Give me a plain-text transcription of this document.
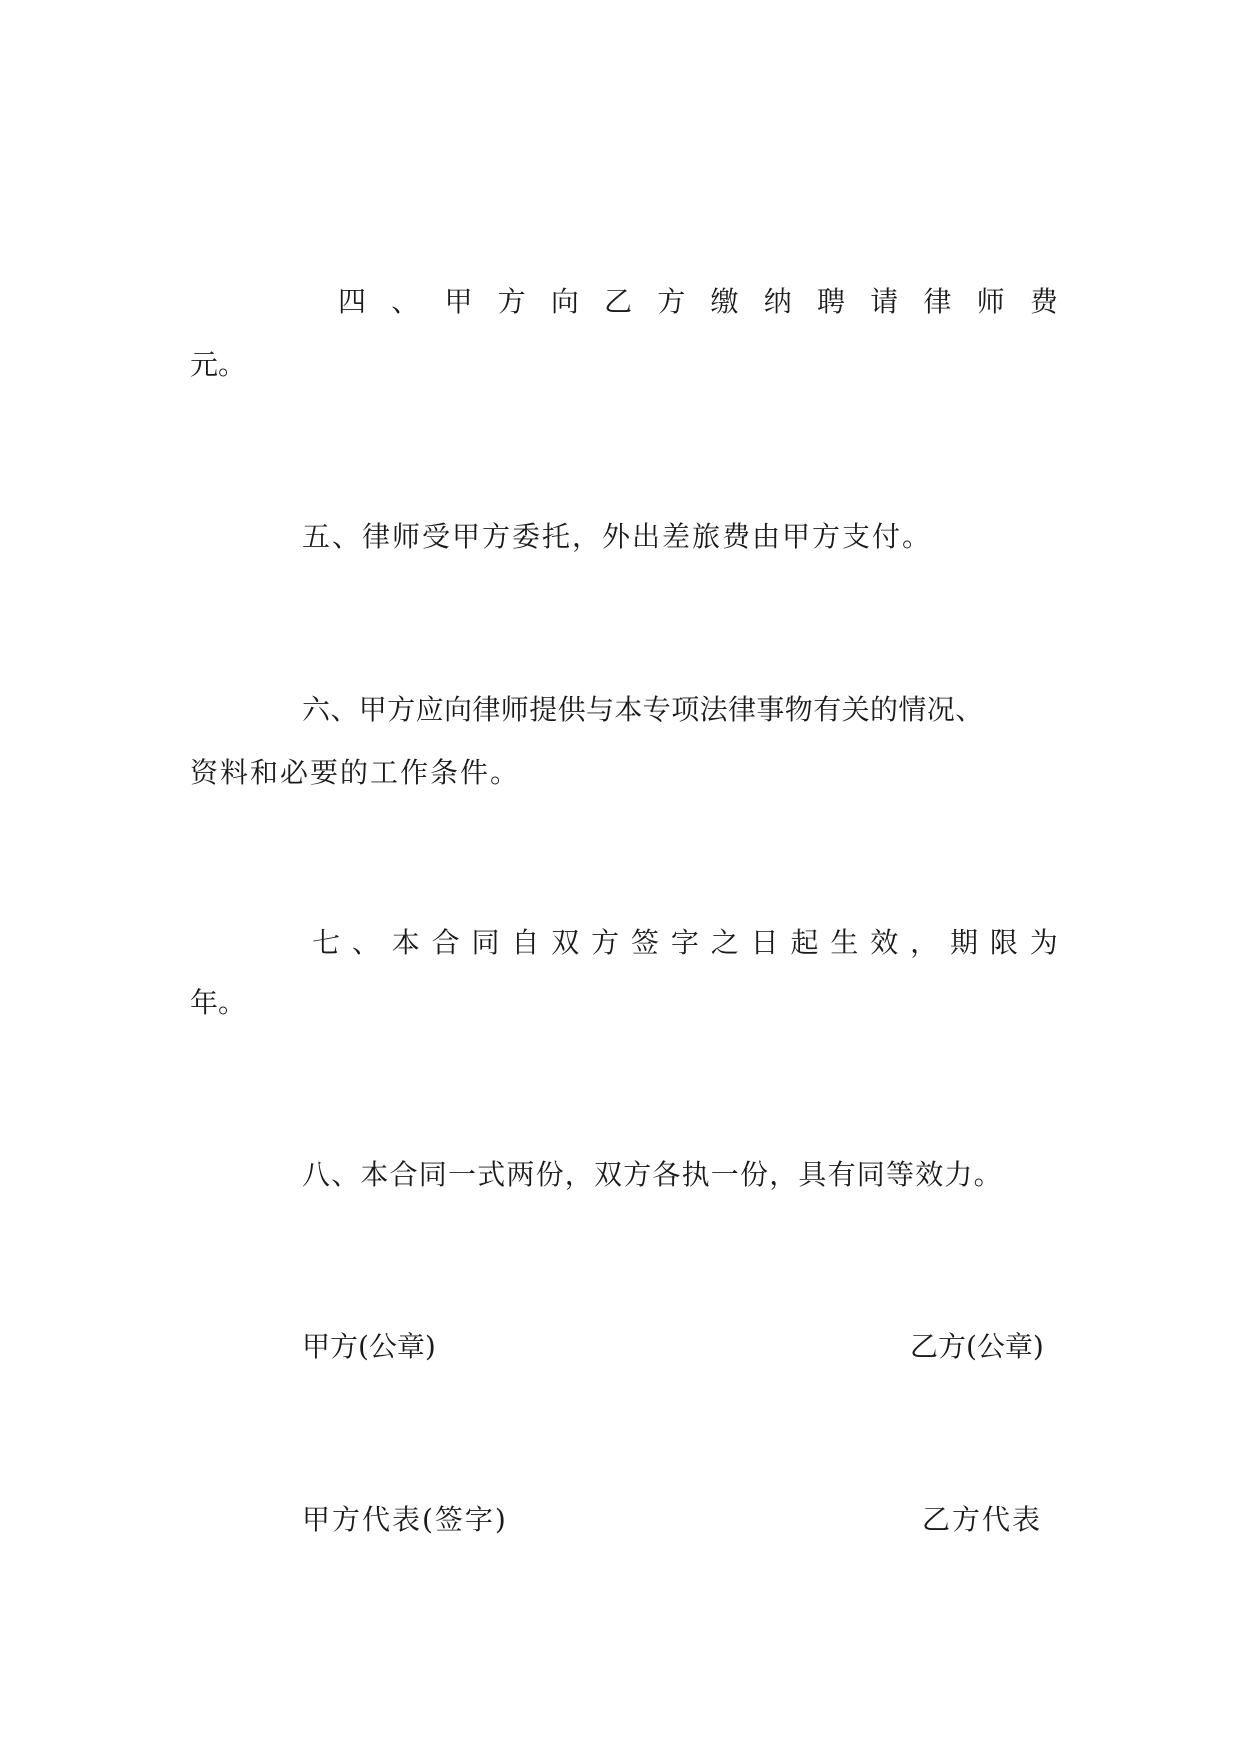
四 、 甲 方 向 乙 方 缴 纳 聘 请 律 师 费
元。
五、律师受甲方委托，外出差旅费由甲方支付。
六、甲方应向律师提供与本专项法律事物有关的情况、
资料和必要的工作条件。
七 、 本 合 同 自 双 方 签 字 之 日 起 生 效 ， 期 限 为
年。
八、本合同一式两份，双方各执一份，具有同等效力。
甲方(公章)	乙方(公章)
甲方代表(签字)	乙方代表
